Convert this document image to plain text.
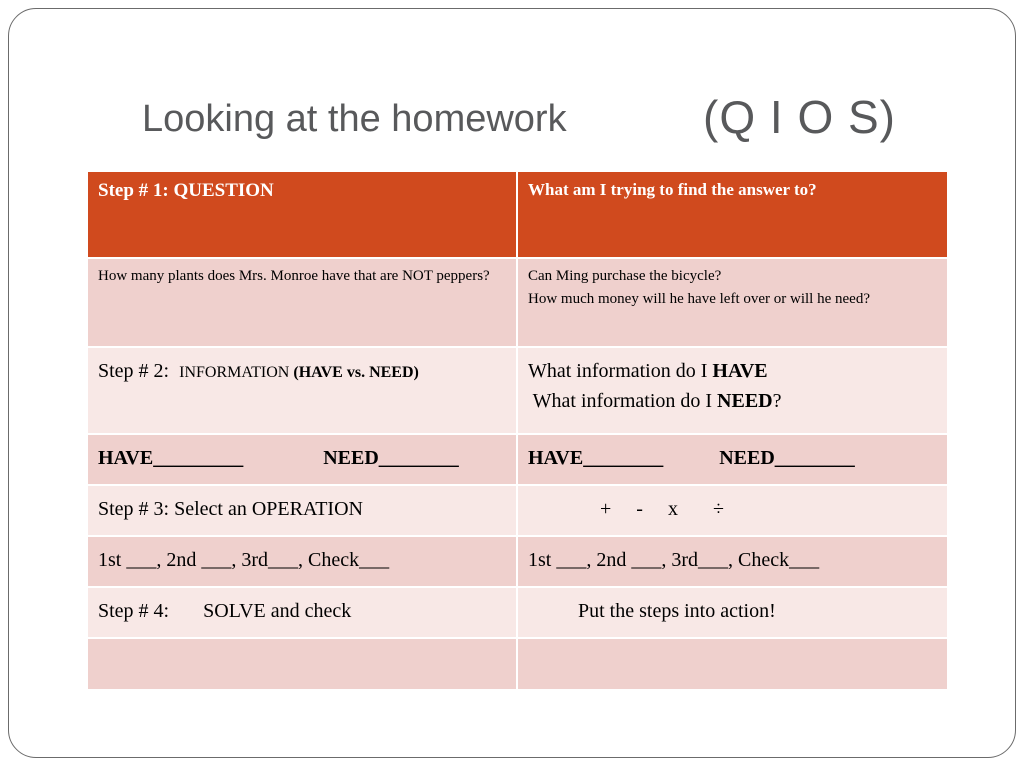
Looking at the homework	(Q I O S)
Step # 1: QUESTION	What am I trying to find the answer to?
How many plants does Mrs. Monroe have that are NOT peppers?	Can Ming purchase the bicycle?
How much money will he have left over or will he need?

Step # 2:  INFORMATION (HAVE vs. NEED)	What information do I HAVE
What information do I NEED?

HAVE_________ NEED________	HAVE________ NEED________
Step # 3: Select an OPERATION	+     -     x       ÷
1st ___, 2nd ___, 3rd___, Check___	1st ___, 2nd ___, 3rd___, Check___
Step # 4: SOLVE and check	Put the steps into action!
